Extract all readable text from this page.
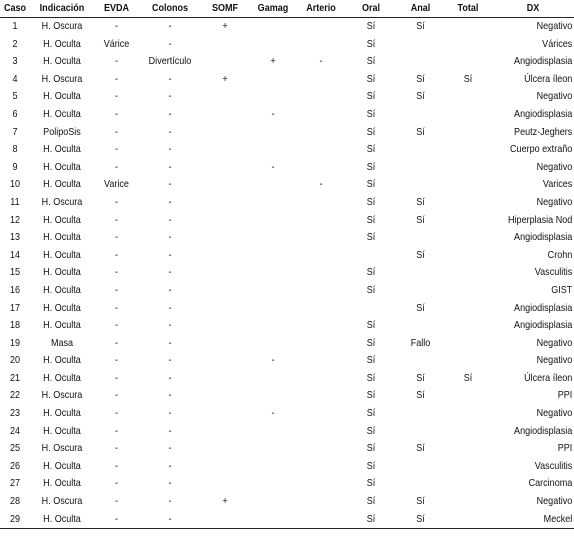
Caso	Indicación	EVDA	Colonos	SOMF	Gamag	Arterio	Oral	Anal	Total	DX
1	H. Oscura	-	-	+			Sí	Sí		Negativo
2	H. Oculta	Várice	-				Sí			Várices
3	H. Oculta	-	Divertículo		+	-	Sí			Angiodisplasia
4	H. Oscura	-	-	+			Sí	Sí	Sí	Úlcera íleon
5	H. Oculta	-	-				Sí	Sí		Negativo
6	H. Oculta	-	-		-		Sí			Angiodisplasia
7	PolipoSis	-	-				Sí	Sí		Peutz-Jeghers
8	H. Oculta	-	-				Sí			Cuerpo extraño
9	H. Oculta	-	-		-		Sí			Negativo
10	H. Oculta	Varice	-			-	Sí			Varices
11	H. Oscura	-	-				Sí	Sí		Negativo
12	H. Oculta	-	-				Sí	Sí		Hiperplasia Nod
13	H. Oculta	-	-				Sí			Angiodisplasia
14	H. Oculta	-	-					Sí		Crohn
15	H. Oculta	-	-				Sí			Vasculitis
16	H. Oculta	-	-				Sí			GIST
17	H. Oculta	-	-					Sí		Angiodisplasia
18	H. Oculta	-	-				Sí			Angiodisplasia
19	Masa	-	-				Sí	Fallo		Negativo
20	H. Oculta	-	-		-		Sí			Negativo
21	H. Oculta	-	-				Sí	Sí	Sí	Úlcera íleon
22	H. Oscura	-	-				Sí	Sí		PPI
23	H. Oculta	-	-		-		Sí			Negativo
24	H. Oculta	-	-				Sí			Angiodisplasia
25	H. Oscura	-	-				Sí	Sí		PPI
26	H. Oculta	-	-				Sí			Vasculitis
27	H. Oculta	-	-				Sí			Carcinoma
28	H. Oscura	-	-	+			Sí	Sí		Negativo
29	H. Oculta	-	-				Sí	Sí		Meckel
